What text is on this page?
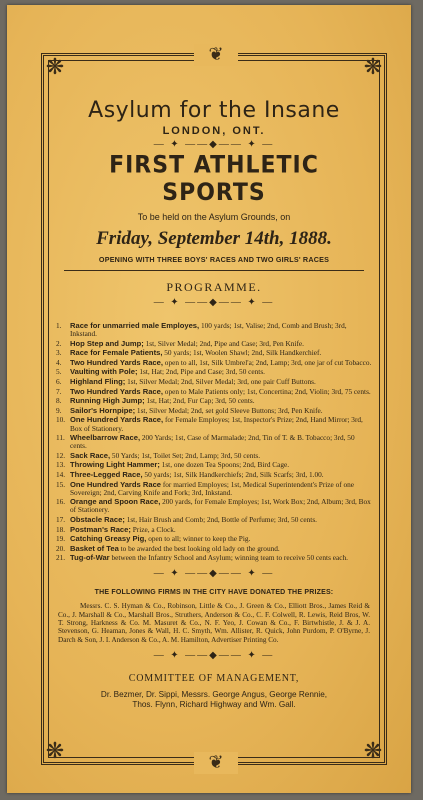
❋	❋
❋	❋
❦
❦
Asylum for the Insane
LONDON, ONT.
— ✦ ——◆—— ✦ —
FIRST ATHLETIC SPORTS
To be held on the Asylum Grounds, on
Friday, September 14th, 1888.
OPENING WITH THREE BOYS' RACES AND TWO GIRLS' RACES
PROGRAMME.
— ✦ ——◆—— ✦ —
1. Race for unmarried male Employes, 100 yards; 1st, Valise; 2nd, Comb and Brush; 3rd, Inkstand.
2. Hop Step and Jump; 1st, Silver Medal; 2nd, Pipe and Case; 3rd, Pen Knife.
3. Race for Female Patients, 50 yards; 1st, Woolen Shawl; 2nd, Silk Handkerchief.
4. Two Hundred Yards Race, open to all, 1st, Silk Umbrel'a; 2nd, Lamp; 3rd, one jar of cut Tobacco.
5. Vaulting with Pole; 1st, Hat; 2nd, Pipe and Case; 3rd, 50 cents.
6. Highland Fling; 1st, Silver Medal; 2nd, Silver Medal; 3rd, one pair Cuff Buttons.
7. Two Hundred Yards Race, open to Male Patients only; 1st, Concertina; 2nd, Violin; 3rd, 75 cents.
8. Running High Jump; 1st, Hat; 2nd, Fur Cap; 3rd, 50 cents.
9. Sailor's Hornpipe; 1st, Silver Medal; 2nd, set gold Sleeve Buttons; 3rd, Pen Knife.
10. One Hundred Yards Race, for Female Employes; 1st, Inspector's Prize; 2nd, Hand Mirror; 3rd, Box of Stationery.
11. Wheelbarrow Race, 200 Yards; 1st, Case of Marmalade; 2nd, Tin of T. & B. Tobacco; 3rd, 50 cents.
12. Sack Race, 50 Yards; 1st, Toilet Set; 2nd, Lamp; 3rd, 50 cents.
13. Throwing Light Hammer; 1st, one dozen Tea Spoons; 2nd, Bird Cage.
14. Three-Legged Race, 50 yards; 1st, Silk Handkerchiefs; 2nd, Silk Scarfs; 3rd, 1.00.
15. One Hundred Yards Race for married Employes; 1st, Medical Superintendent's Prize of one Sovereign; 2nd, Carving Knife and Fork; 3rd, Inkstand.
16. Orange and Spoon Race, 200 yards, for Female Employes; 1st, Work Box; 2nd, Album; 3rd, Box of Stationery.
17. Obstacle Race; 1st, Hair Brush and Comb; 2nd, Bottle of Perfume; 3rd, 50 cents.
18. Postman's Race; Prize, a Clock.
19. Catching Greasy Pig, open to all; winner to keep the Pig.
20. Basket of Tea to be awarded the best looking old lady on the ground.
21. Tug-of-War between the Infantry School and Asylum; winning team to receive 50 cents each.
— ✦ ——◆—— ✦ —
THE FOLLOWING FIRMS IN THE CITY HAVE DONATED THE PRIZES:
Messrs. C. S. Hyman & Co., Robinson, Little & Co., J. Green & Co., Elliott Bros., James Reid & Co., J. Marshall & Co., Marshall Bros., Struthers, Anderson & Co., C. F. Colwell, R. Lewis, Reid Bros, W. T. Strong, Harkness & Co. M. Masuret & Co., N. F. Yeo, J. Cowan & Co., F. Birtwhistle, J. & J. A. Stevenson, G. Heaman, Jones & Wall, H. C. Smyth, Wm. Allister, R. Quick, John Purdom, P. O'Byrne, J. Darch & Son, J. I. Anderson & Co., A. M. Hamilton, Advertiser Printing Co.
— ✦ ——◆—— ✦ —
COMMITTEE OF MANAGEMENT,
Dr. Bezmer, Dr. Sippi, Messrs. George Angus, George Rennie,
Thos. Flynn, Richard Highway and Wm. Gall.
